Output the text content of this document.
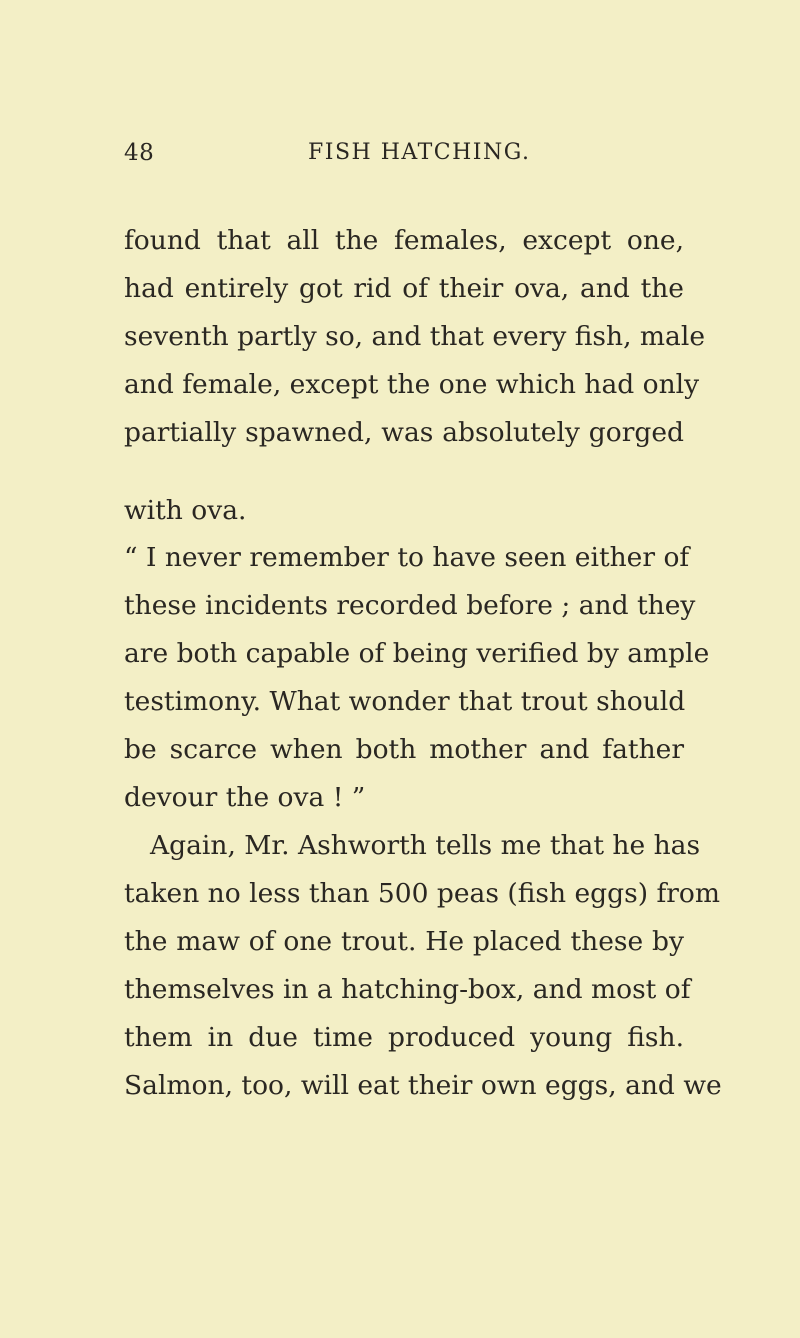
48	FISH HATCHING.
found that all the females, except one,
had entirely got rid of their ova, and the
seventh partly so, and that every fish, male
and female, except the one which had only
partially spawned, was absolutely gorged
with ova.
“ I never remember to have seen either of
these incidents recorded before ; and they
are both capable of being verified by ample
testimony. What wonder that trout should
be scarce when both mother and father
devour the ova ! ”
Again, Mr. Ashworth tells me that he has
taken no less than 500 peas (fish eggs) from
the maw of one trout. He placed these by
themselves in a hatching-box, and most of
them in due time produced young fish.
Salmon, too, will eat their own eggs, and we
